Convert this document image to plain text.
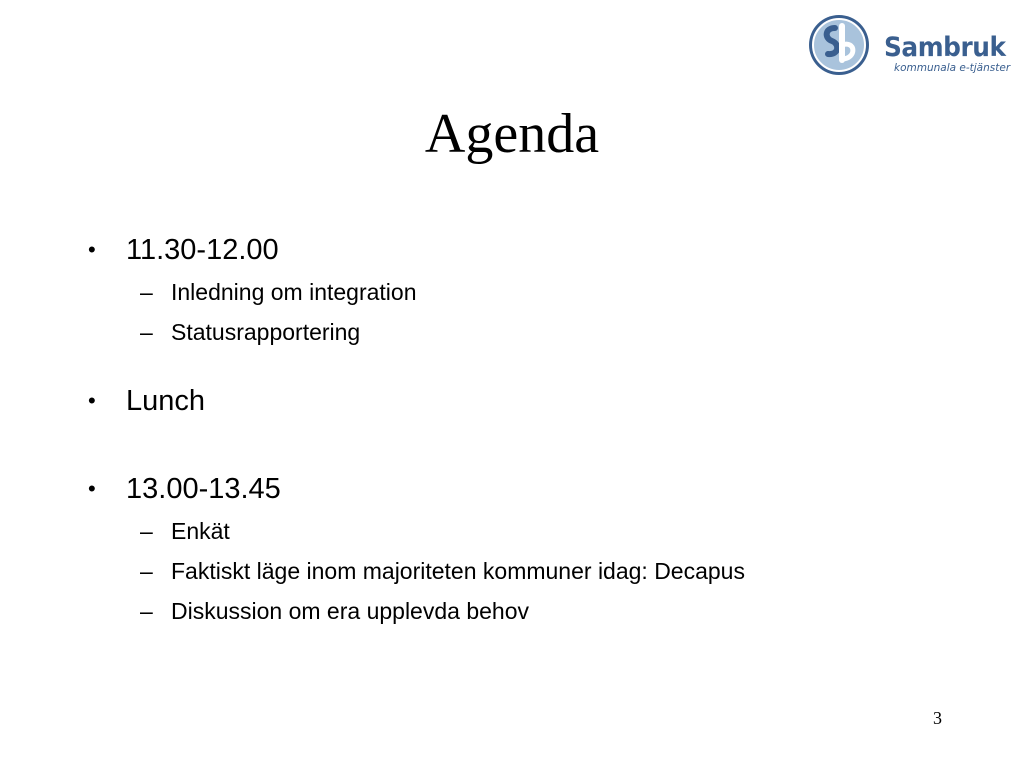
Sambruk
kommunala e-tjänster
Agenda
• 11.30-12.00
– Inledning om integration
– Statusrapportering
• Lunch
• 13.00-13.45
– Enkät
– Faktiskt läge inom majoriteten kommuner idag: Decapus
– Diskussion om era upplevda behov
3
